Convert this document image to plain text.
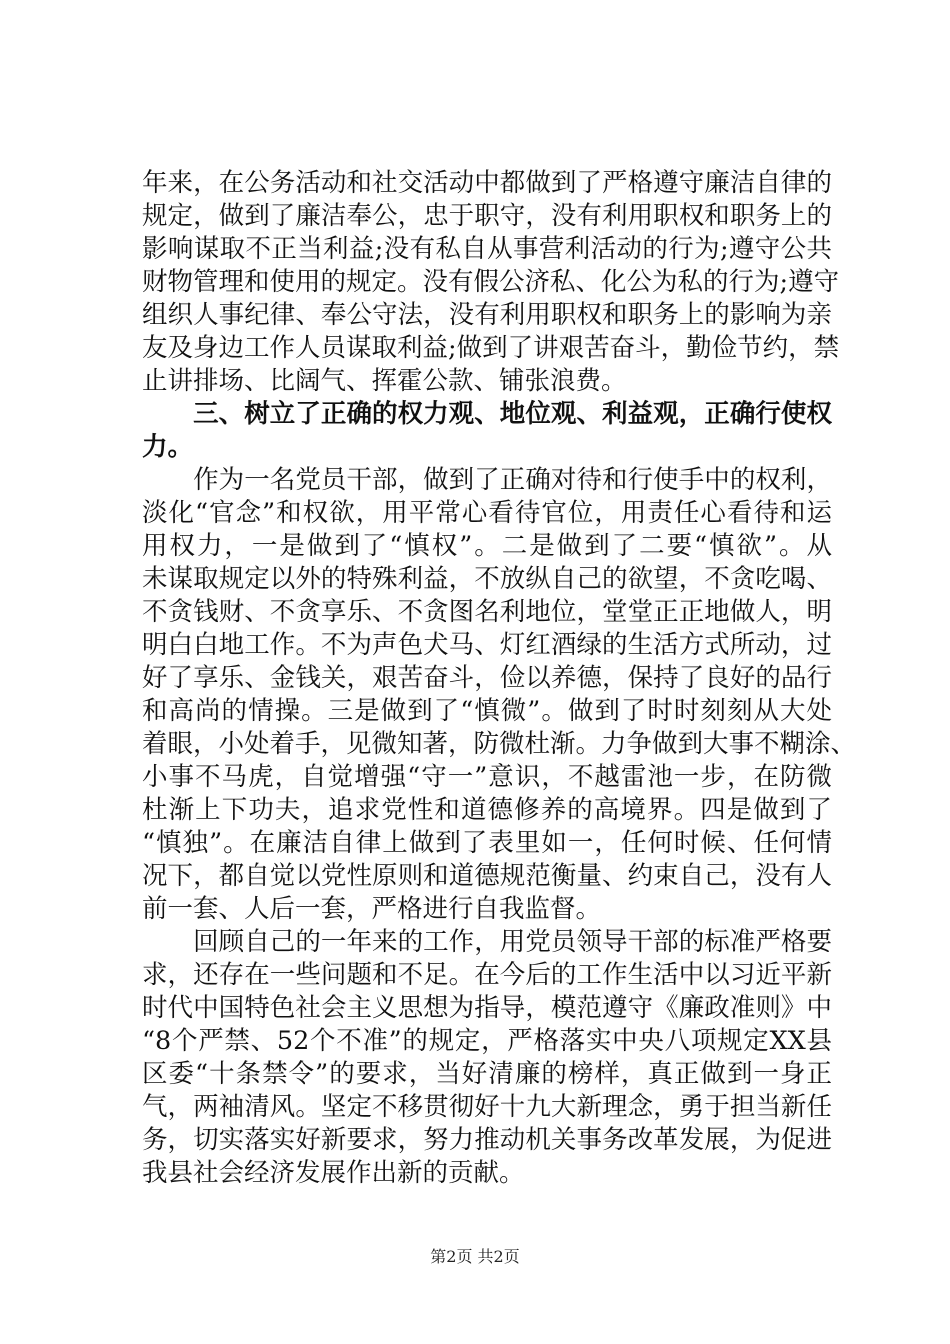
年来，在公务活动和社交活动中都做到了严格遵守廉洁自律的
规定，做到了廉洁奉公，忠于职守，没有利用职权和职务上的
影响谋取不正当利益;没有私自从事营利活动的行为;遵守公共
财物管理和使用的规定。没有假公济私、化公为私的行为;遵守
组织人事纪律、奉公守法，没有利用职权和职务上的影响为亲
友及身边工作人员谋取利益;做到了讲艰苦奋斗，勤俭节约，禁
止讲排场、比阔气、挥霍公款、铺张浪费。
　　三、树立了正确的权力观、地位观、利益观，正确行使权
力。
　　作为一名党员干部，做到了正确对待和行使手中的权利，
淡化“官念”和权欲，用平常心看待官位，用责任心看待和运
用权力，一是做到了“慎权”。二是做到了二要“慎欲”。从
未谋取规定以外的特殊利益，不放纵自己的欲望，不贪吃喝、
不贪钱财、不贪享乐、不贪图名利地位，堂堂正正地做人，明
明白白地工作。不为声色犬马、灯红酒绿的生活方式所动，过
好了享乐、金钱关，艰苦奋斗，俭以养德，保持了良好的品行
和高尚的情操。三是做到了“慎微”。做到了时时刻刻从大处
着眼，小处着手，见微知著，防微杜渐。力争做到大事不糊涂、
小事不马虎，自觉增强“守一”意识，不越雷池一步，在防微
杜渐上下功夫，追求党性和道德修养的高境界。四是做到了
“慎独”。在廉洁自律上做到了表里如一，任何时候、任何情
况下，都自觉以党性原则和道德规范衡量、约束自己，没有人
前一套、人后一套，严格进行自我监督。
　　回顾自己的一年来的工作，用党员领导干部的标准严格要
求，还存在一些问题和不足。在今后的工作生活中以习近平新
时代中国特色社会主义思想为指导，模范遵守《廉政准则》中
“8个严禁、52个不准”的规定，严格落实中央八项规定XX县
区委“十条禁令”的要求，当好清廉的榜样，真正做到一身正
气，两袖清风。坚定不移贯彻好十九大新理念，勇于担当新任
务，切实落实好新要求，努力推动机关事务改革发展，为促进
我县社会经济发展作出新的贡献。
第2页 共2页
